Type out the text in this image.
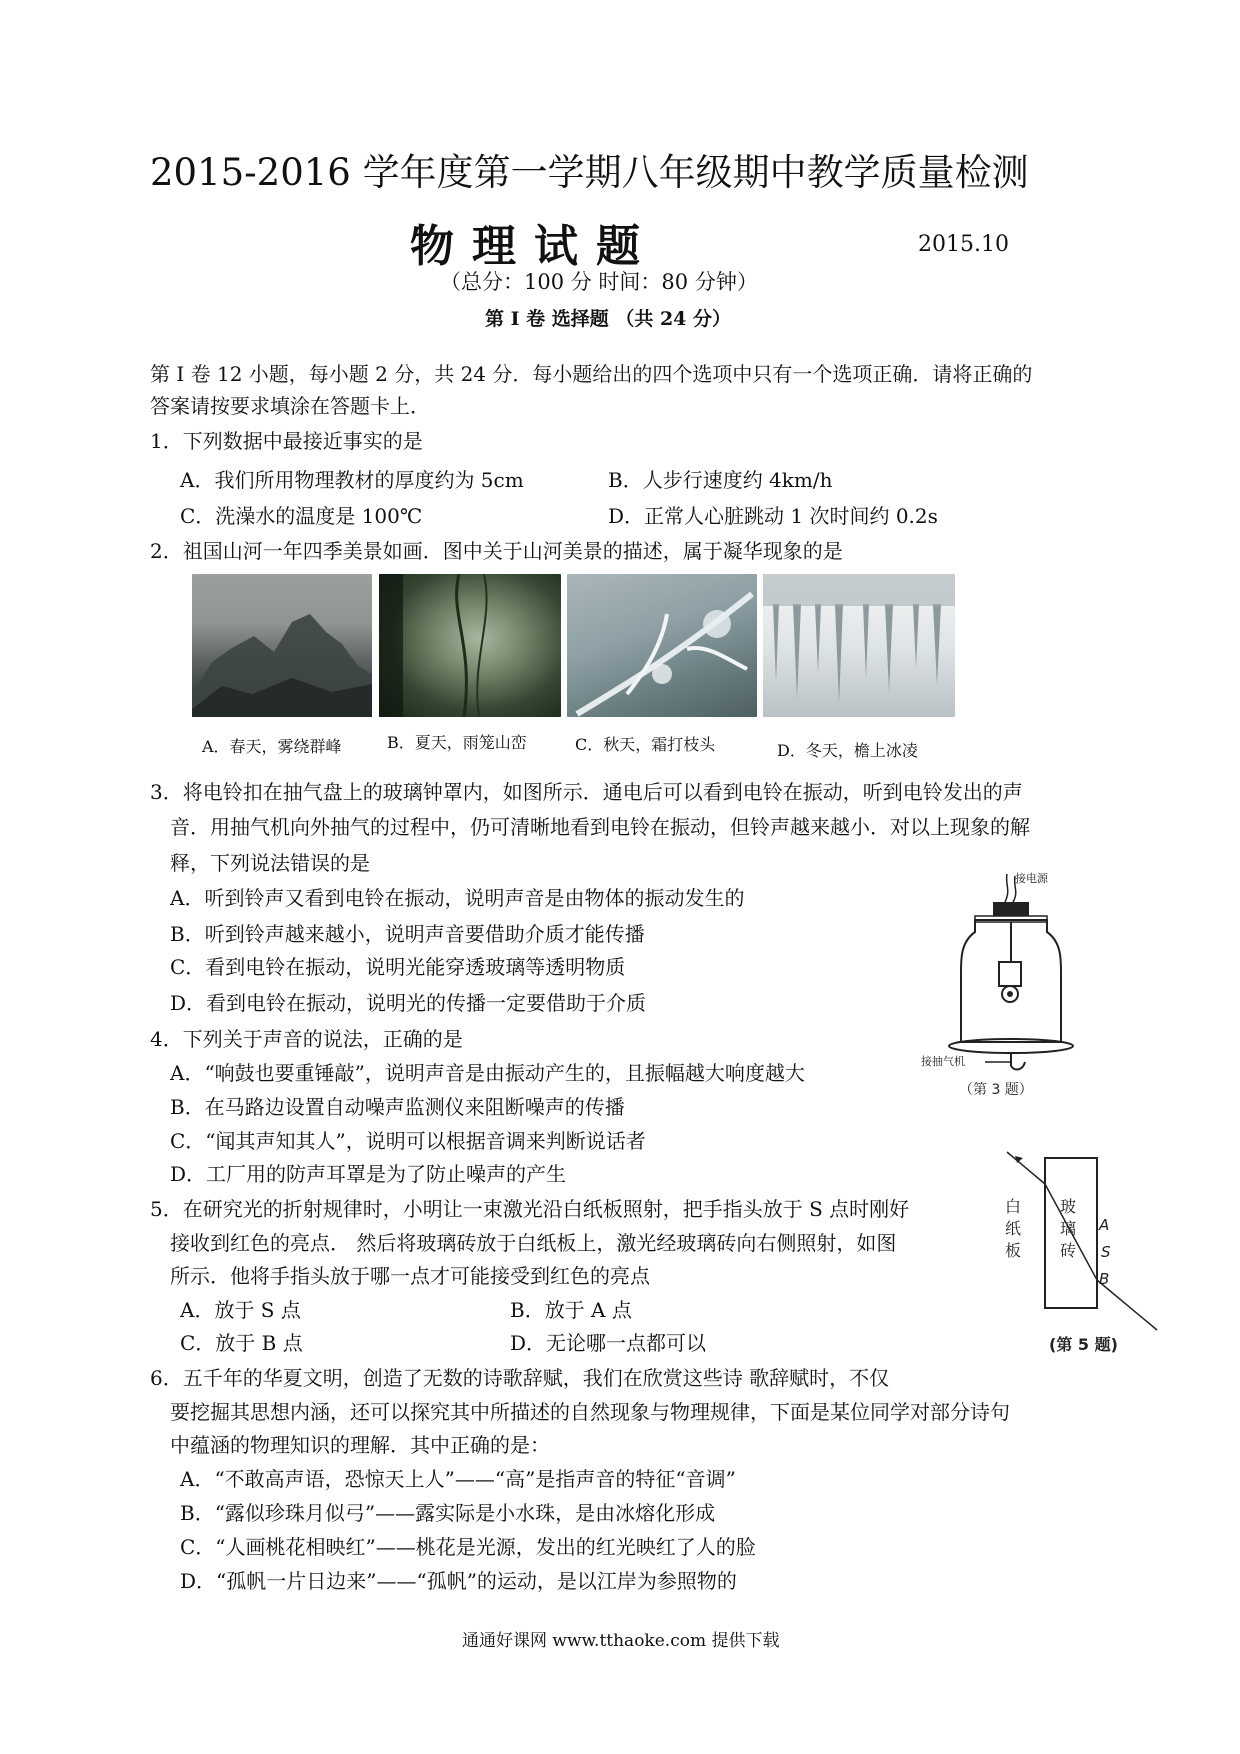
2015-2016 学年度第一学期八年级期中教学质量检测
物理试题	2015.10
（总分：100 分 时间：80 分钟）
第 I 卷 选择题 （共 24 分）
第 I 卷 12 小题，每小题 2 分，共 24 分．每小题给出的四个选项中只有一个选项正确．请将正确的
答案请按要求填涂在答题卡上．
1．下列数据中最接近事实的是
A．我们所用物理教材的厚度约为 5cm	B．人步行速度约 4km/h
C．洗澡水的温度是 100℃	D．正常人心脏跳动 1 次时间约 0.2s
2．祖国山河一年四季美景如画．图中关于山河美景的描述，属于凝华现象的是
A．春天，雾绕群峰	B．夏天，雨笼山峦	C．秋天，霜打枝头	D．冬天，檐上冰凌
3．将电铃扣在抽气盘上的玻璃钟罩内，如图所示．通电后可以看到电铃在振动，听到电铃发出的声
音．用抽气机向外抽气的过程中，仍可清晰地看到电铃在振动，但铃声越来越小．对以上现象的解
释，下列说法错误的是
A．听到铃声又看到电铃在振动，说明声音是由物体的振动发生的
B．听到铃声越来越小，说明声音要借助介质才能传播
C．看到电铃在振动，说明光能穿透玻璃等透明物质
D．看到电铃在振动，说明光的传播一定要借助于介质
接电源
接抽气机
（第 3 题）
4．下列关于声音的说法，正确的是
A．“响鼓也要重锤敲”，说明声音是由振动产生的，且振幅越大响度越大
B．在马路边设置自动噪声监测仪来阻断噪声的传播
C．“闻其声知其人”，说明可以根据音调来判断说话者
D．工厂用的防声耳罩是为了防止噪声的产生
5．在研究光的折射规律时，小明让一束激光沿白纸板照射，把手指头放于 S 点时刚好
接收到红色的亮点． 然后将玻璃砖放于白纸板上，激光经玻璃砖向右侧照射，如图
所示．他将手指头放于哪一点才可能接受到红色的亮点
A．放于 S 点	B．放于 A 点
C．放于 B 点	D．无论哪一点都可以
白
纸
板
玻
璃
砖
A
S
B
(第 5 题)
6．五千年的华夏文明，创造了无数的诗歌辞赋，我们在欣赏这些诗 歌辞赋时，不仅
要挖掘其思想内涵，还可以探究其中所描述的自然现象与物理规律，下面是某位同学对部分诗句
中蕴涵的物理知识的理解．其中正确的是：
A．“不敢高声语，恐惊天上人”——“高”是指声音的特征“音调”
B．“露似珍珠月似弓”——露实际是小水珠，是由冰熔化形成
C．“人画桃花相映红”——桃花是光源，发出的红光映红了人的脸
D．“孤帆一片日边来”——“孤帆”的运动，是以江岸为参照物的
通通好课网 www.tthaoke.com 提供下载
